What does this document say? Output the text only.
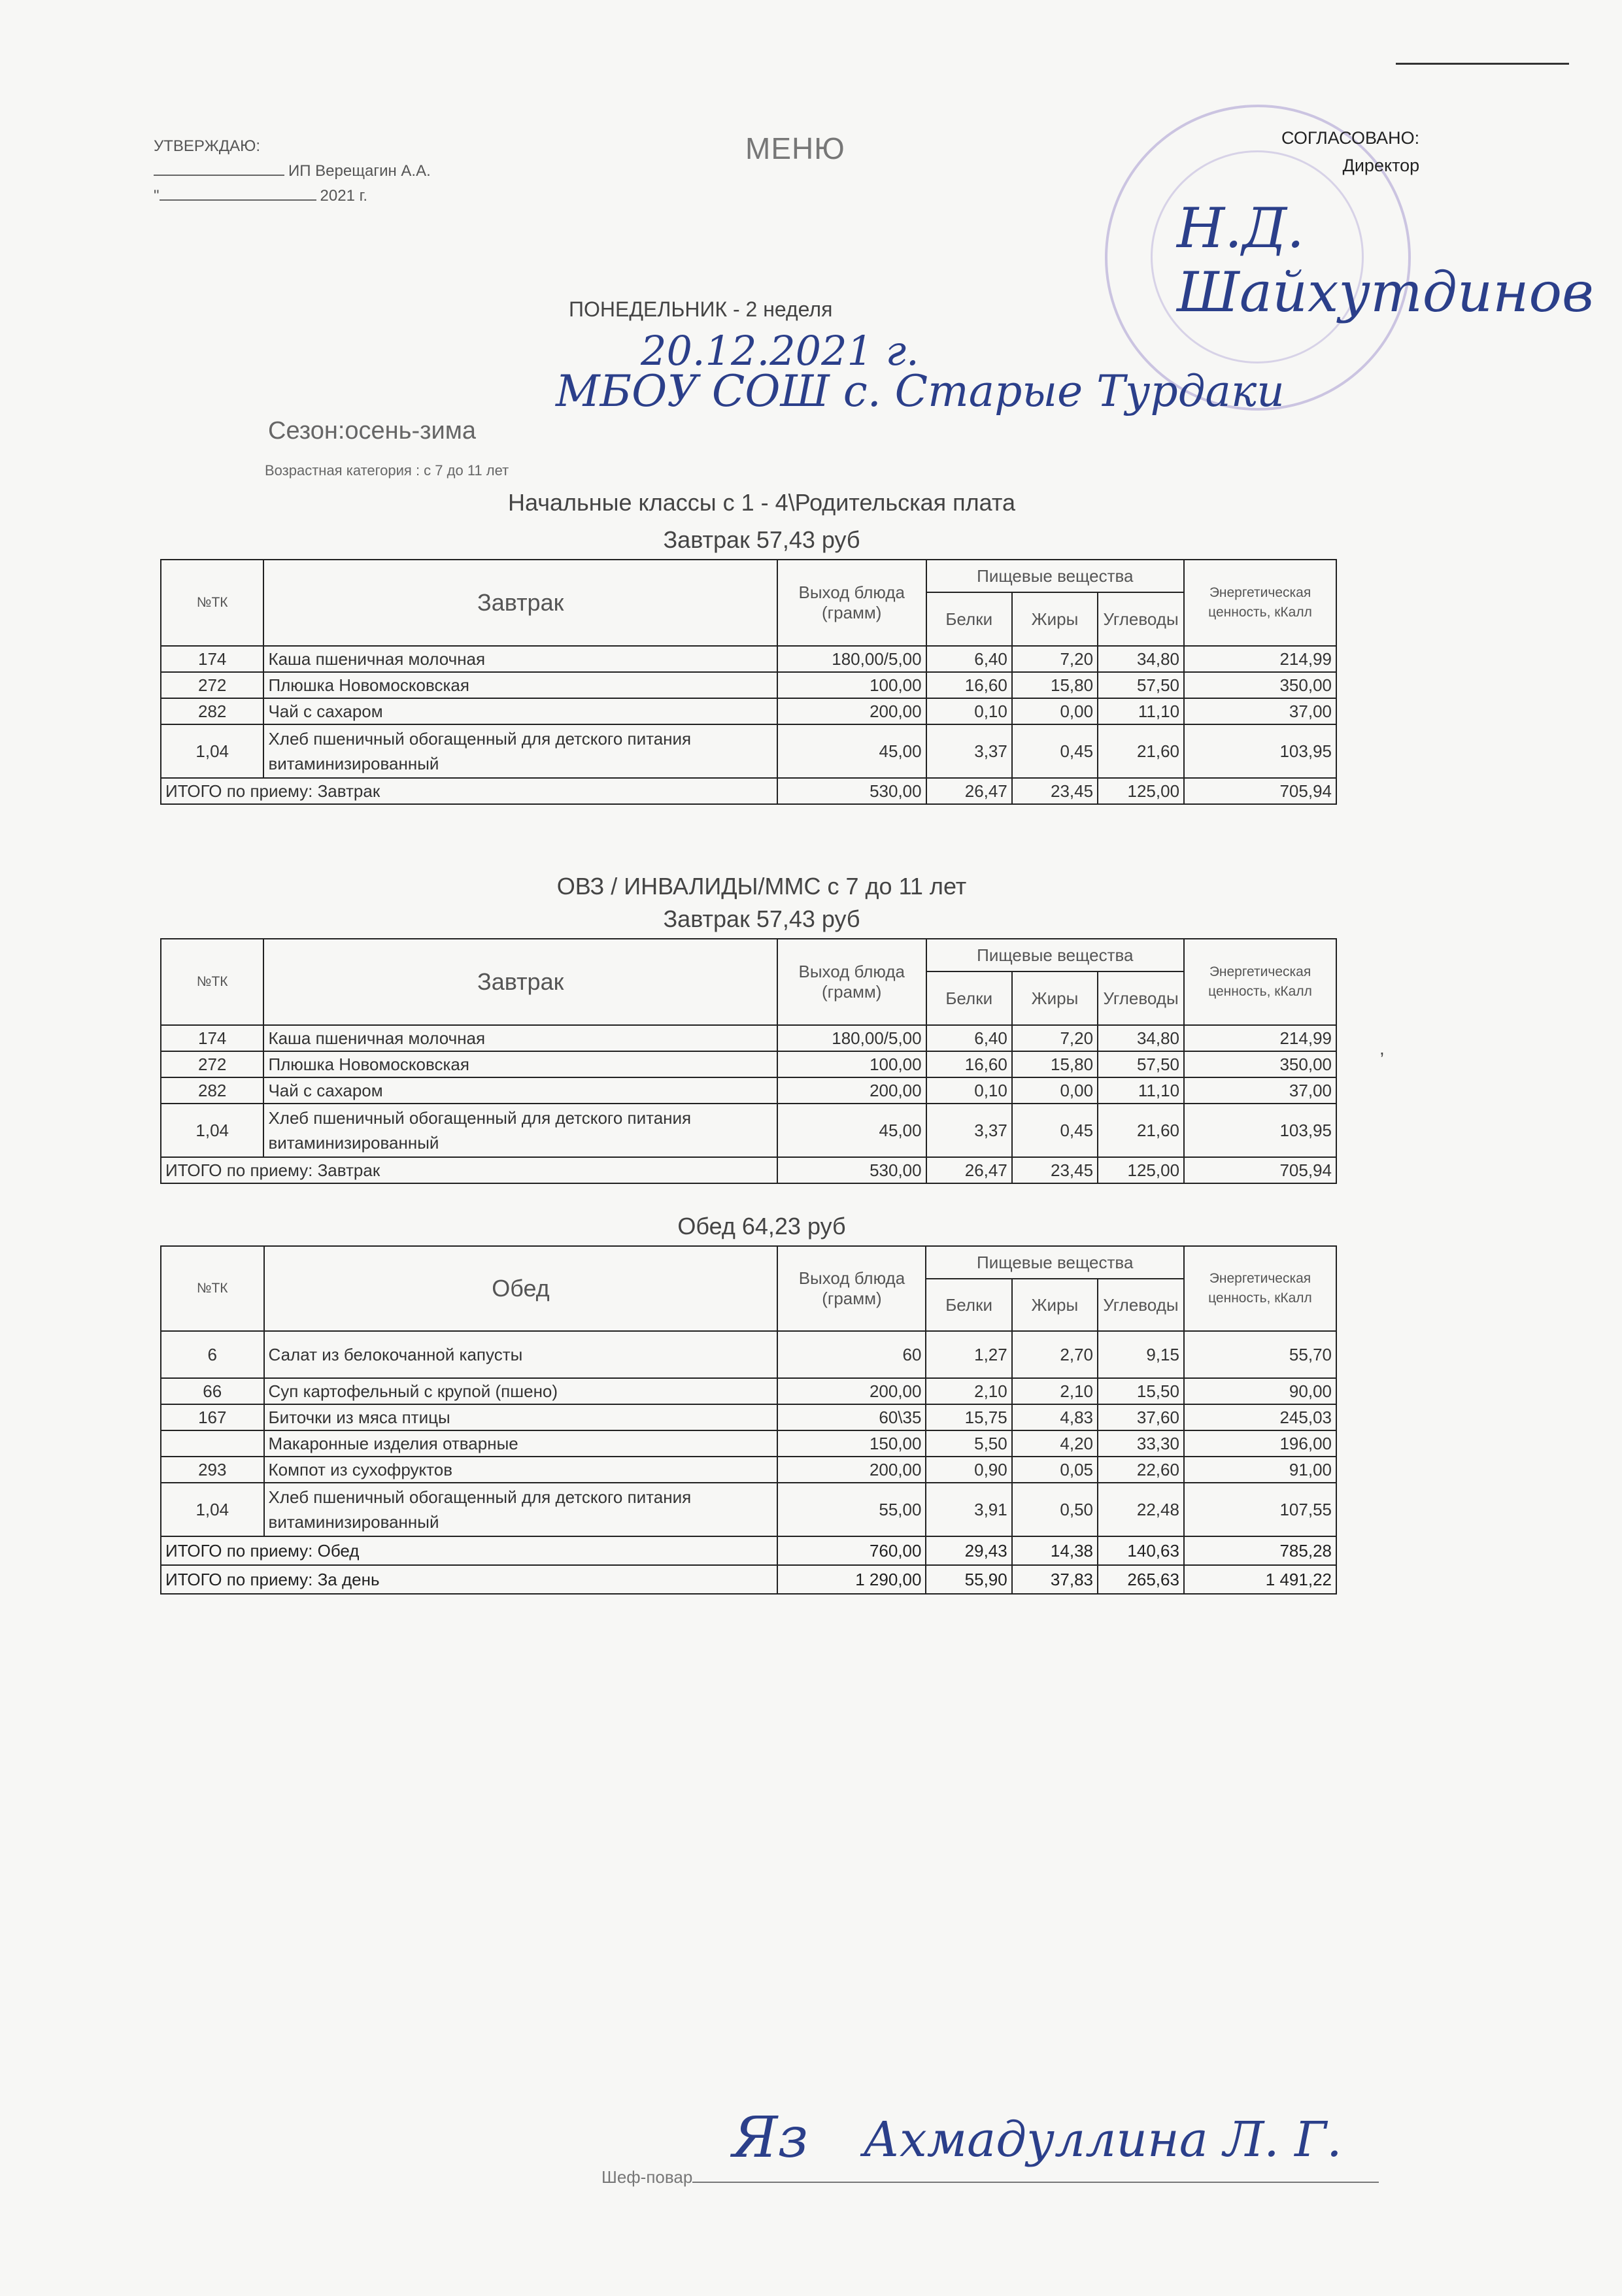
УТВЕРЖДАЮ:
ИП Верещагин А.А.
"	2021 г.
МЕНЮ	СОГЛАСОВАНО:
Директор
Н.Д. Шайхутдинов
ПОНЕДЕЛЬНИК - 2 неделя
20.12.2021 г.
МБОУ СОШ с. Старые Турдаки
Сезон:осень-зима
Возрастная категория : с 7 до 11 лет
Начальные классы с 1 - 4\Родительская плата
Завтрак 57,43 руб
№ТК	Завтрак	Выход блюда (грамм)	Пищевые вещества			Энергетическая ценность, кКалл
			Белки	Жиры	Углеводы	
174	Каша пшеничная молочная	180,00/5,00	6,40	7,20	34,80	214,99
272	Плюшка Новомосковская	100,00	16,60	15,80	57,50	350,00
282	Чай с сахаром	200,00	0,10	0,00	11,10	37,00
1,04	Хлеб пшеничный обогащенный для детского питания витаминизированный	45,00	3,37	0,45	21,60	103,95
ИТОГО по приему: Завтрак		530,00	26,47	23,45	125,00	705,94
ОВЗ / ИНВАЛИДЫ/ММС с 7 до 11 лет
Завтрак 57,43 руб
№ТК	Завтрак	Выход блюда (грамм)	Пищевые вещества			Энергетическая ценность, кКалл
			Белки	Жиры	Углеводы	
174	Каша пшеничная молочная	180,00/5,00	6,40	7,20	34,80	214,99
272	Плюшка Новомосковская	100,00	16,60	15,80	57,50	350,00
282	Чай с сахаром	200,00	0,10	0,00	11,10	37,00
1,04	Хлеб пшеничный обогащенный для детского питания витаминизированный	45,00	3,37	0,45	21,60	103,95
ИТОГО по приему: Завтрак		530,00	26,47	23,45	125,00	705,94
Обед 64,23 руб
№ТК	Обед	Выход блюда (грамм)	Пищевые вещества			Энергетическая ценность, кКалл
			Белки	Жиры	Углеводы	
6	Салат из белокочанной капусты	60	1,27	2,70	9,15	55,70
66	Суп картофельный с крупой (пшено)	200,00	2,10	2,10	15,50	90,00
167	Биточки из мяса птицы	60\35	15,75	4,83	37,60	245,03
	Макаронные изделия отварные	150,00	5,50	4,20	33,30	196,00
293	Компот из сухофруктов	200,00	0,90	0,05	22,60	91,00
1,04	Хлеб пшеничный обогащенный для детского питания витаминизированный	55,00	3,91	0,50	22,48	107,55
ИТОГО по приему: Обед		760,00	29,43	14,38	140,63	785,28
ИТОГО по приему: За день		1 290,00	55,90	37,83	265,63	1 491,22
,
Яз Ахмадуллина Л. Г.
Шеф-повар
